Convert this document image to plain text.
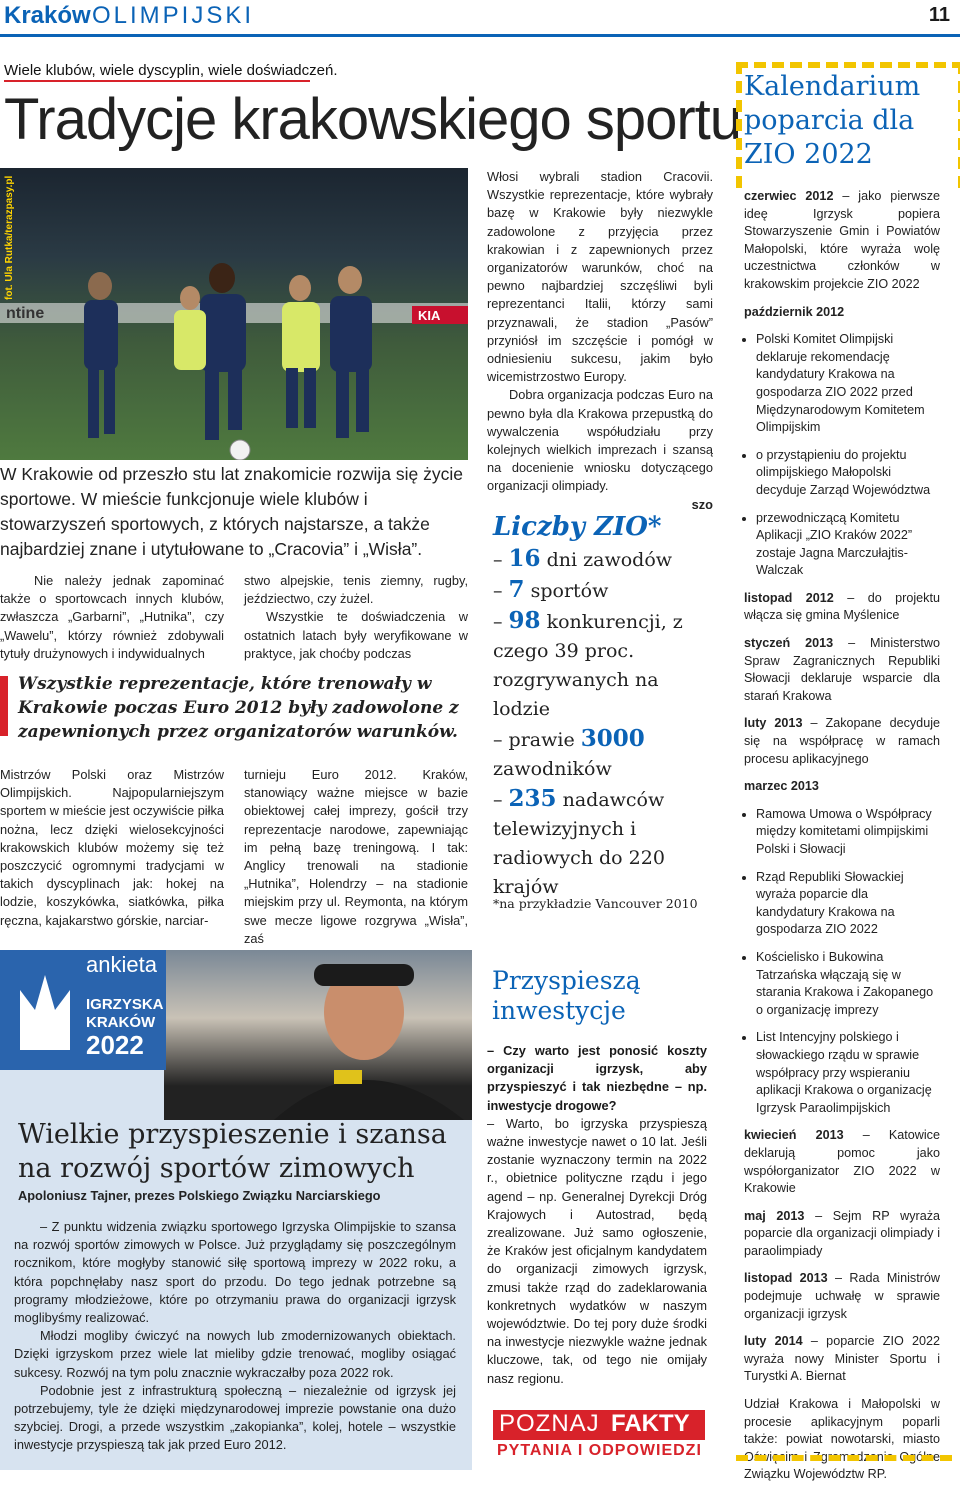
Kraków OLIMPIJSKI	11
Wiele klubów, wiele dyscyplin, wiele doświadczeń.
Tradycje krakowskiego sportu
ntine	KIA
fot. Ula Rutka/terazpasy.pl
W Krakowie od przeszło stu lat znakomicie rozwija się życie sportowe. W mieście funkcjonuje wiele klubów i stowarzyszeń sportowych, z których najstarsze, a także najbardziej znane i utytułowane to „Cracovia” i „Wisła”.
Nie należy jednak zapominać także o sportowcach innych klubów, zwłaszcza „Garbarni”, „Hutnika”, czy „Wawelu”, którzy również zdobywali tytuły drużynowych i indywidualnych
stwo alpejskie, tenis ziemny, rugby, jeździectwo, czy żużel.
Wszystkie te doświadczenia w ostatnich latach były weryfikowane w praktyce, jak choćby podczas
Wszystkie reprezentacje, które trenowały w Krakowie poczas Euro 2012 były zadowolone z zapewnionych przez organizatorów warunków.
Mistrzów Polski oraz Mistrzów Olimpijskich. Najpopularniejszym sportem w mieście jest oczywiście piłka nożna, lecz dzięki wielosekcyjności krakowskich klubów możemy się też poszczycić ogromnymi tradycjami w takich dyscyplinach jak: hokej na lodzie, koszykówka, siatkówka, piłka ręczna, kajakarstwo górskie, narciar-
turnieju Euro 2012. Kraków, stanowiący ważne miejsce w bazie obiektowej całej imprezy, gościł trzy reprezentacje narodowe, zapewniając im pełną bazę treningową. I tak: Anglicy trenowali na stadionie „Hutnika”, Holendrzy – na stadionie miejskim przy ul. Reymonta, na którym swe mecze ligowe rozgrywa „Wisła”, zaś
Włosi wybrali stadion Cracovii. Wszystkie reprezentacje, które wybrały bazę w Krakowie były niezwykle zadowolone z przyjęcia przez krakowian i z zapewnionych przez organizatorów warunków, choć na pewno najbardziej szczęśliwi byli reprezentanci Italii, którzy sami przyznawali, że stadion „Pasów” przyniósł im szczęście i pomógł w odniesieniu sukcesu, jakim było wicemistrzostwo Europy.
Dobra organizacja podczas Euro na pewno była dla Krakowa przepustką do wywalczenia współudziału przy kolejnych wielkich imprezach i szansą na docenienie wniosku dotyczącego organizacji olimpiady.
szo
Liczby ZIO*
– 16 dni zawodów
– 7 sportów
– 98 konkurencji, z czego 39 proc. rozgrywanych na lodzie
– prawie 3000 zawodników
– 235 nadawców telewizyjnych i radiowych do 220 krajów
*na przykładzie Vancouver 2010
Przyspieszą inwestycje
– Czy warto jest ponosić koszty organizacji igrzysk, aby przyspieszyć i tak niezbędne – np. inwestycje drogowe?
– Warto, bo igrzyska przyspieszą ważne inwestycje nawet o 10 lat. Jeśli zostanie wyznaczony termin na 2022 r., obietnice polityczne rządu i jego agend – np. Generalnej Dyrekcji Dróg Krajowych i Autostrad, będą zrealizowane. Już samo ogłoszenie, że Kraków jest oficjalnym kandydatem do organizacji zimowych igrzysk, zmusi także rząd do zadeklarowania konkretnych wydatków w naszym województwie. Do tej pory duże środki na inwestycje niezwykle ważne jednak kluczowe, tak, od tego nie omijały nasz regionu.
POZNAJ FAKTY
PYTANIA I ODPOWIEDZI
Kalendarium poparcia dla ZIO 2022

czerwiec 2012 – jako pierwsze ideę Igrzysk popiera Stowarzyszenie Gmin i Powiatów Małopolski, które wyraża wolę uczestnictwa członków w krakowskim projekcie ZIO 2022

październik 2012

• Polski Komitet Olimpijski deklaruje rekomendację kandydatury Krakowa na gospodarza ZIO 2022 przed Międzynarodowym Komitetem Olimpijskim
• o przystąpieniu do projektu olimpijskiego Małopolski decyduje Zarząd Województwa
• przewodniczącą Komitetu Aplikacji „ZIO Kraków 2022” zostaje Jagna Marczułajtis-Walczak

listopad 2012 – do projektu włącza się gmina Myślenice

styczeń 2013 – Ministerstwo Spraw Zagranicznych Republiki Słowacji deklaruje wsparcie dla starań Krakowa

luty 2013 – Zakopane decyduje się na współpracę w ramach procesu aplikacyjnego

marzec 2013

• Ramowa Umowa o Współpracy między komitetami olimpijskimi Polski i Słowacji
• Rząd Republiki Słowackiej wyraża poparcie dla kandydatury Krakowa na gospodarza ZIO 2022
• Kościelisko i Bukowina Tatrzańska włączają się w starania Krakowa i Zakopanego o organizację imprezy
• List Intencyjny polskiego i słowackiego rządu w sprawie współpracy przy wspieraniu aplikacji Krakowa o organizację Igrzysk Paraolimpijskich

kwiecień 2013 – Katowice deklarują pomoc jako współorganizator ZIO 2022 w Krakowie

maj 2013 – Sejm RP wyraża poparcie dla organizacji olimpiady i paraolimpiady

listopad 2013 – Rada Ministrów podejmuje uchwałę w sprawie organizacji igrzysk

luty 2014 – poparcie ZIO 2022 wyraża nowy Minister Sportu i Turystki A. Biernat

Udział Krakowa i Małopolski w procesie aplikacyjnym poparli także: powiat nowotarski, miasto Oświęcim i Zgromadzenie Ogólne Związku Województw RP.

ankieta
IGRZYSKA
KRAKÓW
2022
Wielkie przyspieszenie i szansa na rozwój sportów zimowych
Apoloniusz Tajner, prezes Polskiego Związku Narciarskiego

– Z punktu widzenia związku sportowego Igrzyska Olimpijskie to szansa na rozwój sportów zimowych w Polsce. Już przyglądamy się poszczególnym rocznikom, które mogłyby stanowić siłę sportową imprezy w 2022 roku, a która popchnęłaby nasz sport do przodu. Do tego jednak potrzebne są programy młodzieżowe, które po otrzymaniu prawa do organizacji igrzysk moglibyśmy realizować.

Młodzi mogliby ćwiczyć na nowych lub zmodernizowanych obiektach. Dzięki igrzyskom przez wiele lat mieliby gdzie trenować, mogliby osiągać sukcesy. Rozwój na tym polu znacznie wykraczałby poza 2022 rok.

Podobnie jest z infrastrukturą społeczną – niezależnie od igrzysk jej potrzebujemy, tyle że dzięki międzynarodowej imprezie powstanie ona dużo szybciej. Drogi, a przede wszystkim „zakopianka”, kolej, hotele – wszystkie inwestycje przyspieszą tak jak przed Euro 2012.
